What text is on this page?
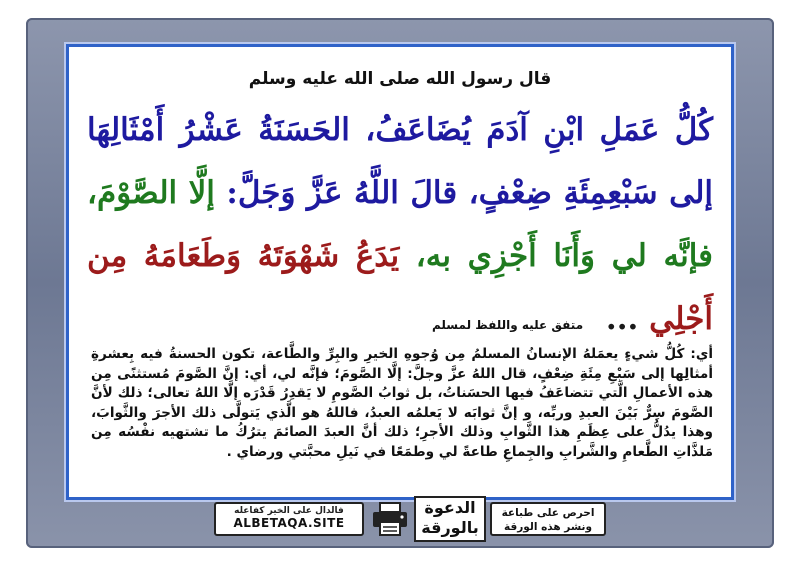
قال رسول الله صلى الله عليه وسلم
كُلُّ عَمَلِ ابْنِ آدَمَ يُضَاعَفُ، الحَسَنَةُ عَشْرُ أَمْثَالِهَا إلى سَبْعِمِئَةِ ضِعْفٍ، قالَ اللَّهُ عَزَّ وَجَلَّ: إلَّا الصَّوْمَ، فإنَّه لي وَأَنَا أَجْزِي به، يَدَعُ شَهْوَتَهُ وَطَعَامَهُ مِن أَجْلِي ... متفق عليه واللفظ لمسلم
أي: كُلُّ شيءٍ يعمَلهُ الإنسانُ المسلمُ مِن وُجوهِ الخيرِ والبِرِّ والطَّاعة، تكون الحسنةُ فيه بِعشرةِ أمثالِها إلى سَبْعِ مِئَةِ ضِعْفٍ، قال اللهُ عزَّ وجلَّ: إلَّا الصَّومَ؛ فإنَّه لي، أي: إنَّ الصَّومَ مُستثنًى مِن هذه الأعمالِ الَّتي تتضاعَفُ فيها الحسَناتُ، بل ثوابُ الصَّومِ لا يَقدِرُ قَدْرَه إلَّا اللهُ تعالى؛ ذلك لأنَّ الصَّومَ سِرٌّ بَيْنَ العبدِ وربِّه، و إنَّ ثوابَه لا يَعلمُه العبدُ، فاللهُ هو الَّذي يَتولَّى ذلك الأجرَ والثَّوابَ، وهذا يدُلُّ على عِظَمِ هذا الثَّوابِ وذلك الأجرِ؛ ذلك أنَّ العبدَ الصائمَ يترُكُ ما تشتهيه نفْسُه مِن مَلذَّاتِ الطَّعامِ والشَّرابِ والجِماعِ طاعةً لي وطمَعًا في نَيلِ محبَّتي ورضاي .
فالدال على الخير كفاعله
ALBETAQA.SITE
الدعوة
بالورقة
احرص على طباعة
ونشر هذه الورقة
